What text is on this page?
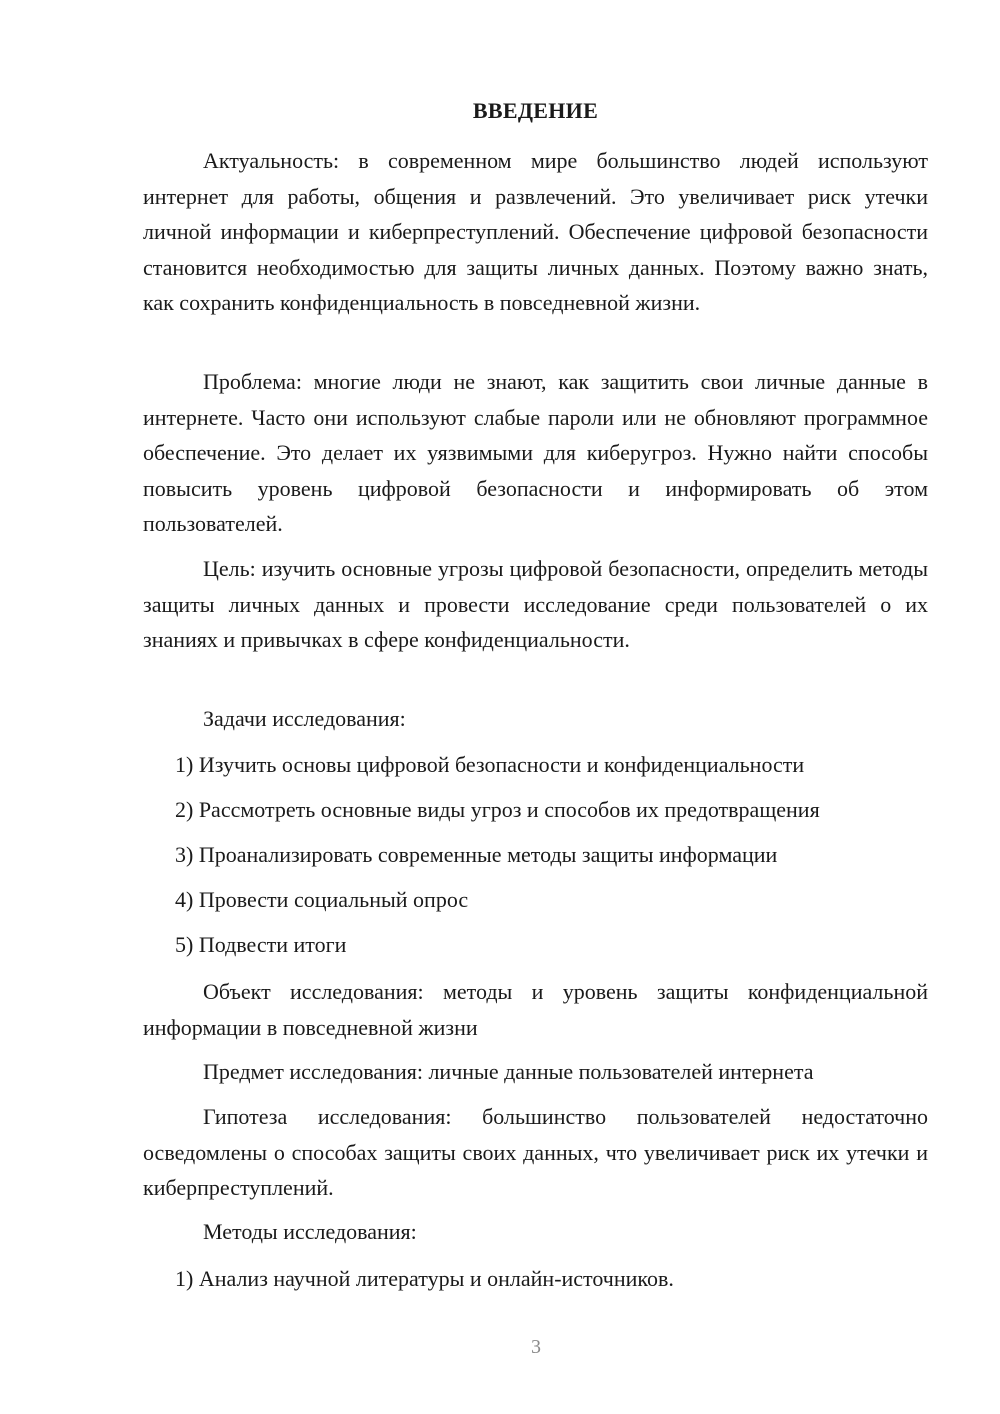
ВВЕДЕНИЕ

Актуальность: в современном мире большинство людей используют интернет для работы, общения и развлечений. Это увеличивает риск утечки личной информации и киберпреступлений. Обеспечение цифровой безопасности становится необходимостью для защиты личных данных. Поэтому важно знать, как сохранить конфиденциальность в повседневной жизни.

Проблема: многие люди не знают, как защитить свои личные данные в интернете. Часто они используют слабые пароли или не обновляют программное обеспечение. Это делает их уязвимыми для киберугроз. Нужно найти способы повысить уровень цифровой безопасности и информировать об этом пользователей.

Цель: изучить основные угрозы цифровой безопасности, определить методы защиты личных данных и провести исследование среди пользователей о их знаниях и привычках в сфере конфиденциальности.

Задачи исследования:

1) Изучить основы цифровой безопасности и конфиденциальности

2) Рассмотреть основные виды угроз и способов их предотвращения

3) Проанализировать современные методы защиты информации

4) Провести социальный опрос

5) Подвести итоги

Объект исследования: методы и уровень защиты конфиденциальной информации в повседневной жизни

Предмет исследования: личные данные пользователей интернета

Гипотеза исследования: большинство пользователей недостаточно осведомлены о способах защиты своих данных, что увеличивает риск их утечки и киберпреступлений.

Методы исследования:

1) Анализ научной литературы и онлайн-источников.

3
